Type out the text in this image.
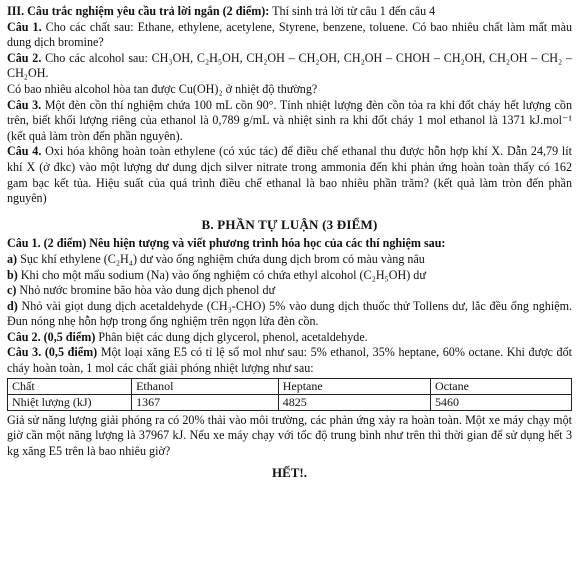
III. Câu trắc nghiệm yêu cầu trả lời ngắn (2 điểm): Thí sinh trả lời từ câu 1 đến câu 4

Câu 1. Cho các chất sau: Ethane, ethylene, acetylene, Styrene, benzene, toluene. Có bao nhiêu chất làm mất màu dung dịch bromine?

Câu 2. Cho các alcohol sau: CH₃OH, C₂H₅OH, CH₂OH – CH₂OH, CH₂OH – CHOH – CH₂OH, CH₂OH – CH₂ – CH₂OH.

Có bao nhiêu alcohol hòa tan được Cu(OH)₂ ở nhiệt độ thường?

Câu 3. Một đèn cồn thí nghiệm chứa 100 mL cồn 90°. Tính nhiệt lượng đèn cồn tỏa ra khi đốt cháy hết lượng cồn trên, biết khối lượng riêng của ethanol là 0,789 g/mL và nhiệt sinh ra khi đốt cháy 1 mol ethanol là 1371 kJ.mol⁻¹ (kết quả làm tròn đến phần nguyên).

Câu 4. Oxi hóa không hoàn toàn ethylene (có xúc tác) để điều chế ethanal thu được hỗn hợp khí X. Dẫn 24,79 lít khí X (ở đkc) vào một lượng dư dung dịch silver nitrate trong ammonia đến khi phản ứng hoàn toàn thấy có 162 gam bạc kết tủa. Hiệu suất của quá trình điều chế ethanal là bao nhiêu phần trăm? (kết quả làm tròn đến phần nguyên)

B. PHẦN TỰ LUẬN (3 ĐIỂM)

Câu 1. (2 điểm) Nêu hiện tượng và viết phương trình hóa học của các thí nghiệm sau:

a) Sục khí ethylene (C₂H₄) dư vào ống nghiệm chứa dung dịch brom có màu vàng nâu

b) Khi cho một mẩu sodium (Na) vào ống nghiệm có chứa ethyl alcohol (C₂H₅OH) dư

c) Nhỏ nước bromine bão hòa vào dung dịch phenol dư

d) Nhỏ vài giọt dung dịch acetaldehyde (CH₃-CHO) 5% vào dung dịch thuốc thử Tollens dư, lắc đều ống nghiệm. Đun nóng nhẹ hỗn hợp trong ống nghiệm trên ngọn lửa đèn cồn.

Câu 2. (0,5 điểm) Phân biệt các dung dịch glycerol, phenol, acetaldehyde.

Câu 3. (0,5 điểm) Một loại xăng E5 có tỉ lệ số mol như sau: 5% ethanol, 35% heptane, 60% octane. Khi được đốt cháy hoàn toàn, 1 mol các chất giải phóng nhiệt lượng như sau:

Chất	Ethanol	Heptane	Octane
Nhiệt lượng (kJ)	1367	4825	5460

Giả sử năng lượng giải phóng ra có 20% thải vào môi trường, các phản ứng xảy ra hoàn toàn. Một xe máy chạy một giờ cần một năng lượng là 37967 kJ. Nếu xe máy chạy với tốc độ trung bình như trên thì thời gian để sử dụng hết 3 kg xăng E5 trên là bao nhiêu giờ?

HẾT!.
